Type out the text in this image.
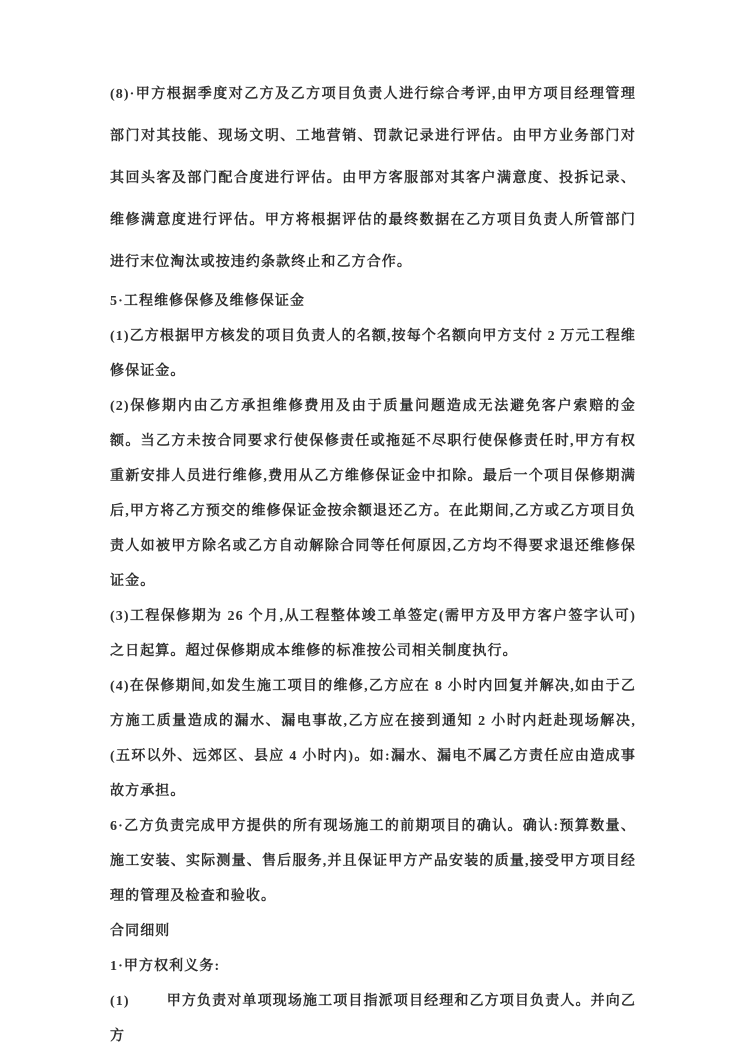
(8)·甲方根据季度对乙方及乙方项目负责人进行综合考评,由甲方项目经理管理部门对其技能、现场文明、工地营销、罚款记录进行评估。由甲方业务部门对其回头客及部门配合度进行评估。由甲方客服部对其客户满意度、投拆记录、维修满意度进行评估。甲方将根据评估的最终数据在乙方项目负责人所管部门进行末位淘汰或按违约条款终止和乙方合作。

5·工程维修保修及维修保证金

(1)乙方根据甲方核发的项目负责人的名额,按每个名额向甲方支付 2 万元工程维修保证金。

(2)保修期内由乙方承担维修费用及由于质量问题造成无法避免客户索赔的金额。当乙方未按合同要求行使保修责任或拖延不尽职行使保修责任时,甲方有权重新安排人员进行维修,费用从乙方维修保证金中扣除。最后一个项目保修期满后,甲方将乙方预交的维修保证金按余额退还乙方。在此期间,乙方或乙方项目负责人如被甲方除名或乙方自动解除合同等任何原因,乙方均不得要求退还维修保证金。

(3)工程保修期为 26 个月,从工程整体竣工单签定(需甲方及甲方客户签字认可)之日起算。超过保修期成本维修的标准按公司相关制度执行。

(4)在保修期间,如发生施工项目的维修,乙方应在 8 小时内回复并解决,如由于乙方施工质量造成的漏水、漏电事故,乙方应在接到通知 2 小时内赶赴现场解决,(五环以外、远郊区、县应 4 小时内)。如:漏水、漏电不属乙方责任应由造成事故方承担。

6·乙方负责完成甲方提供的所有现场施工的前期项目的确认。确认:预算数量、施工安装、实际测量、售后服务,并且保证甲方产品安装的质量,接受甲方项目经理的管理及检查和验收。

合同细则

1·甲方权利义务:

(1)        甲方负责对单项现场施工项目指派项目经理和乙方项目负责人。并向乙方
